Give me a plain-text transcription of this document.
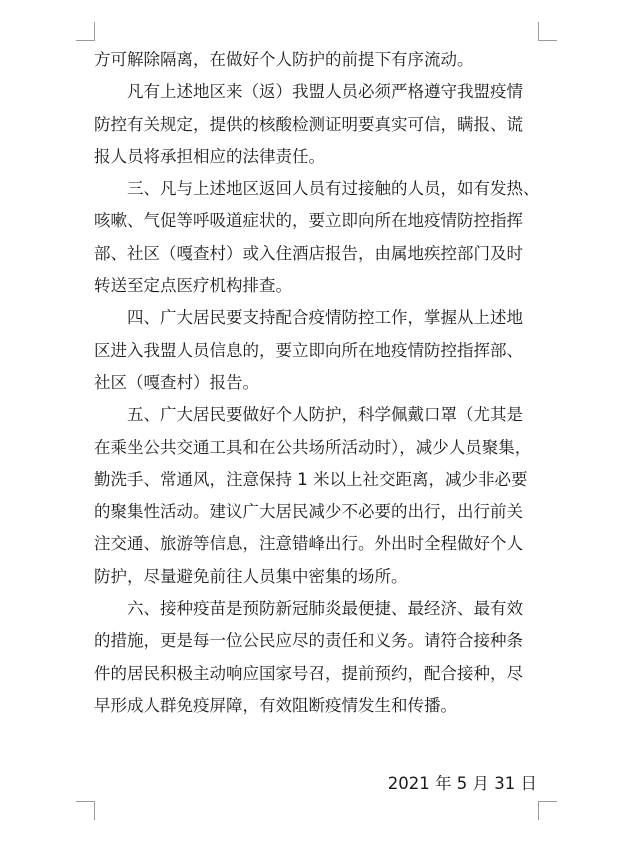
方可解除隔离，在做好个人防护的前提下有序流动。
凡有上述地区来（返）我盟人员必须严格遵守我盟疫情
防控有关规定，提供的核酸检测证明要真实可信，瞒报、谎
报人员将承担相应的法律责任。
三、凡与上述地区返回人员有过接触的人员，如有发热、
咳嗽、气促等呼吸道症状的，要立即向所在地疫情防控指挥
部、社区（嘎查村）或入住酒店报告，由属地疾控部门及时
转送至定点医疗机构排查。
四、广大居民要支持配合疫情防控工作，掌握从上述地
区进入我盟人员信息的，要立即向所在地疫情防控指挥部、
社区（嘎查村）报告。
五、广大居民要做好个人防护，科学佩戴口罩（尤其是
在乘坐公共交通工具和在公共场所活动时），减少人员聚集，
勤洗手、常通风，注意保持 1 米以上社交距离，减少非必要
的聚集性活动。建议广大居民减少不必要的出行，出行前关
注交通、旅游等信息，注意错峰出行。外出时全程做好个人
防护，尽量避免前往人员集中密集的场所。
六、接种疫苗是预防新冠肺炎最便捷、最经济、最有效
的措施，更是每一位公民应尽的责任和义务。请符合接种条
件的居民积极主动响应国家号召，提前预约，配合接种，尽
早形成人群免疫屏障，有效阻断疫情发生和传播。
2021 年 5 月 31 日
